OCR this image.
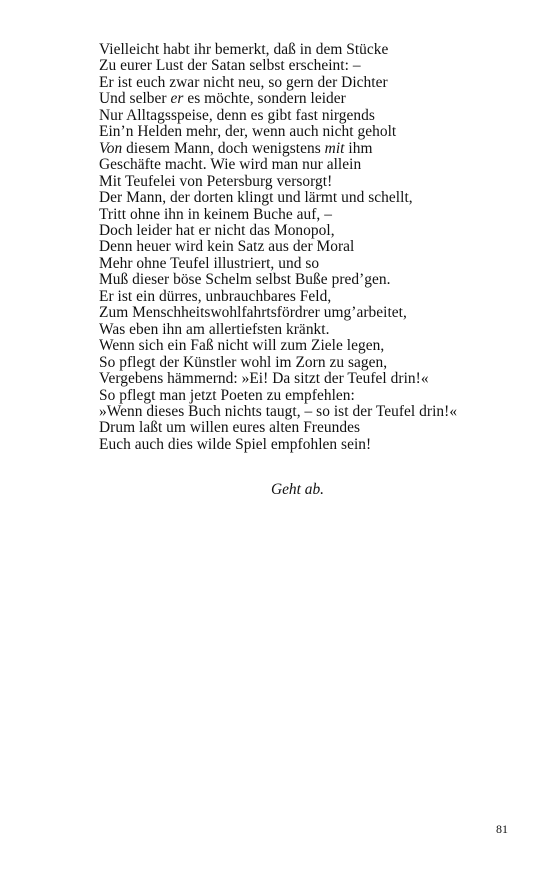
Vielleicht habt ihr bemerkt, daß in dem Stücke
Zu eurer Lust der Satan selbst erscheint: –
Er ist euch zwar nicht neu, so gern der Dichter
Und selber er es möchte, sondern leider
Nur Alltagsspeise, denn es gibt fast nirgends
Ein’n Helden mehr, der, wenn auch nicht geholt
Von diesem Mann, doch wenigstens mit ihm
Geschäfte macht. Wie wird man nur allein
Mit Teufelei von Petersburg versorgt!
Der Mann, der dorten klingt und lärmt und schellt,
Tritt ohne ihn in keinem Buche auf, –
Doch leider hat er nicht das Monopol,
Denn heuer wird kein Satz aus der Moral
Mehr ohne Teufel illustriert, und so
Muß dieser böse Schelm selbst Buße pred’gen.
Er ist ein dürres, unbrauchbares Feld,
Zum Menschheitswohlfahrtsfördrer umg’arbeitet,
Was eben ihn am allertiefsten kränkt.
Wenn sich ein Faß nicht will zum Ziele legen,
So pflegt der Künstler wohl im Zorn zu sagen,
Vergebens hämmernd: »Ei! Da sitzt der Teufel drin!«
So pflegt man jetzt Poeten zu empfehlen:
»Wenn dieses Buch nichts taugt, – so ist der Teufel drin!«
Drum laßt um willen eures alten Freundes
Euch auch dies wilde Spiel empfohlen sein!
Geht ab.
81
